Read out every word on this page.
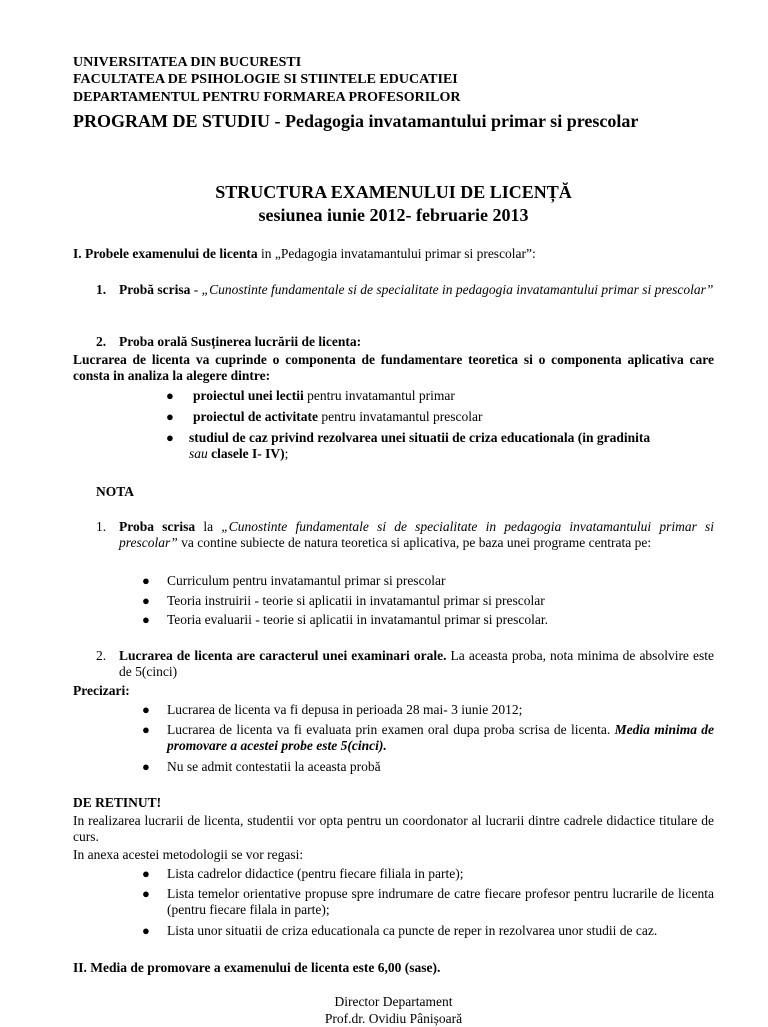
UNIVERSITATEA DIN BUCURESTI
FACULTATEA DE PSIHOLOGIE SI STIINTELE EDUCATIEI
DEPARTAMENTUL PENTRU FORMAREA PROFESORILOR
PROGRAM DE STUDIU - Pedagogia invatamantului primar si prescolar
STRUCTURA EXAMENULUI DE LICENȚĂ
sesiunea iunie 2012- februarie 2013
I. Probele examenului de licenta in „Pedagogia invatamantului primar si prescolar”:
1. Probă scrisa - „Cunostinte fundamentale si de specialitate in pedagogia invatamantului primar si prescolar”
2. Proba orală Susținerea lucrării de licenta:
Lucrarea de licenta va cuprinde o componenta de fundamentare teoretica si o componenta aplicativa care consta in analiza la alegere dintre:
● proiectul unei lectii pentru invatamantul primar
● proiectul de activitate pentru invatamantul prescolar
● studiul de caz privind rezolvarea unei situatii de criza educationala (in gradinita
sau clasele I- IV);
NOTA
1. Proba scrisa la „Cunostinte fundamentale si de specialitate in pedagogia invatamantului primar si prescolar” va contine subiecte de natura teoretica si aplicativa, pe baza unei programe centrata pe:
● Curriculum pentru invatamantul primar si prescolar
● Teoria instruirii - teorie si aplicatii in invatamantul primar si prescolar
● Teoria evaluarii - teorie si aplicatii in invatamantul primar si prescolar.
2. Lucrarea de licenta are caracterul unei examinari orale. La aceasta proba, nota minima de absolvire este de 5(cinci)
Precizari:
● Lucrarea de licenta va fi depusa in perioada 28 mai- 3 iunie 2012;
● Lucrarea de licenta va fi evaluata prin examen oral dupa proba scrisa de licenta. Media minima de promovare a acestei probe este 5(cinci).
● Nu se admit contestatii la aceasta probă
DE RETINUT!
In realizarea lucrarii de licenta, studentii vor opta pentru un coordonator al lucrarii dintre cadrele didactice titulare de curs.
In anexa acestei metodologii se vor regasi:
● Lista cadrelor didactice (pentru fiecare filiala in parte);
● Lista temelor orientative propuse spre indrumare de catre fiecare profesor pentru lucrarile de licenta (pentru fiecare filala in parte);
● Lista unor situatii de criza educationala ca puncte de reper in rezolvarea unor studii de caz.
II. Media de promovare a examenului de licenta este 6,00 (sase).
Director Departament
Prof.dr. Ovidiu Pânișoară
